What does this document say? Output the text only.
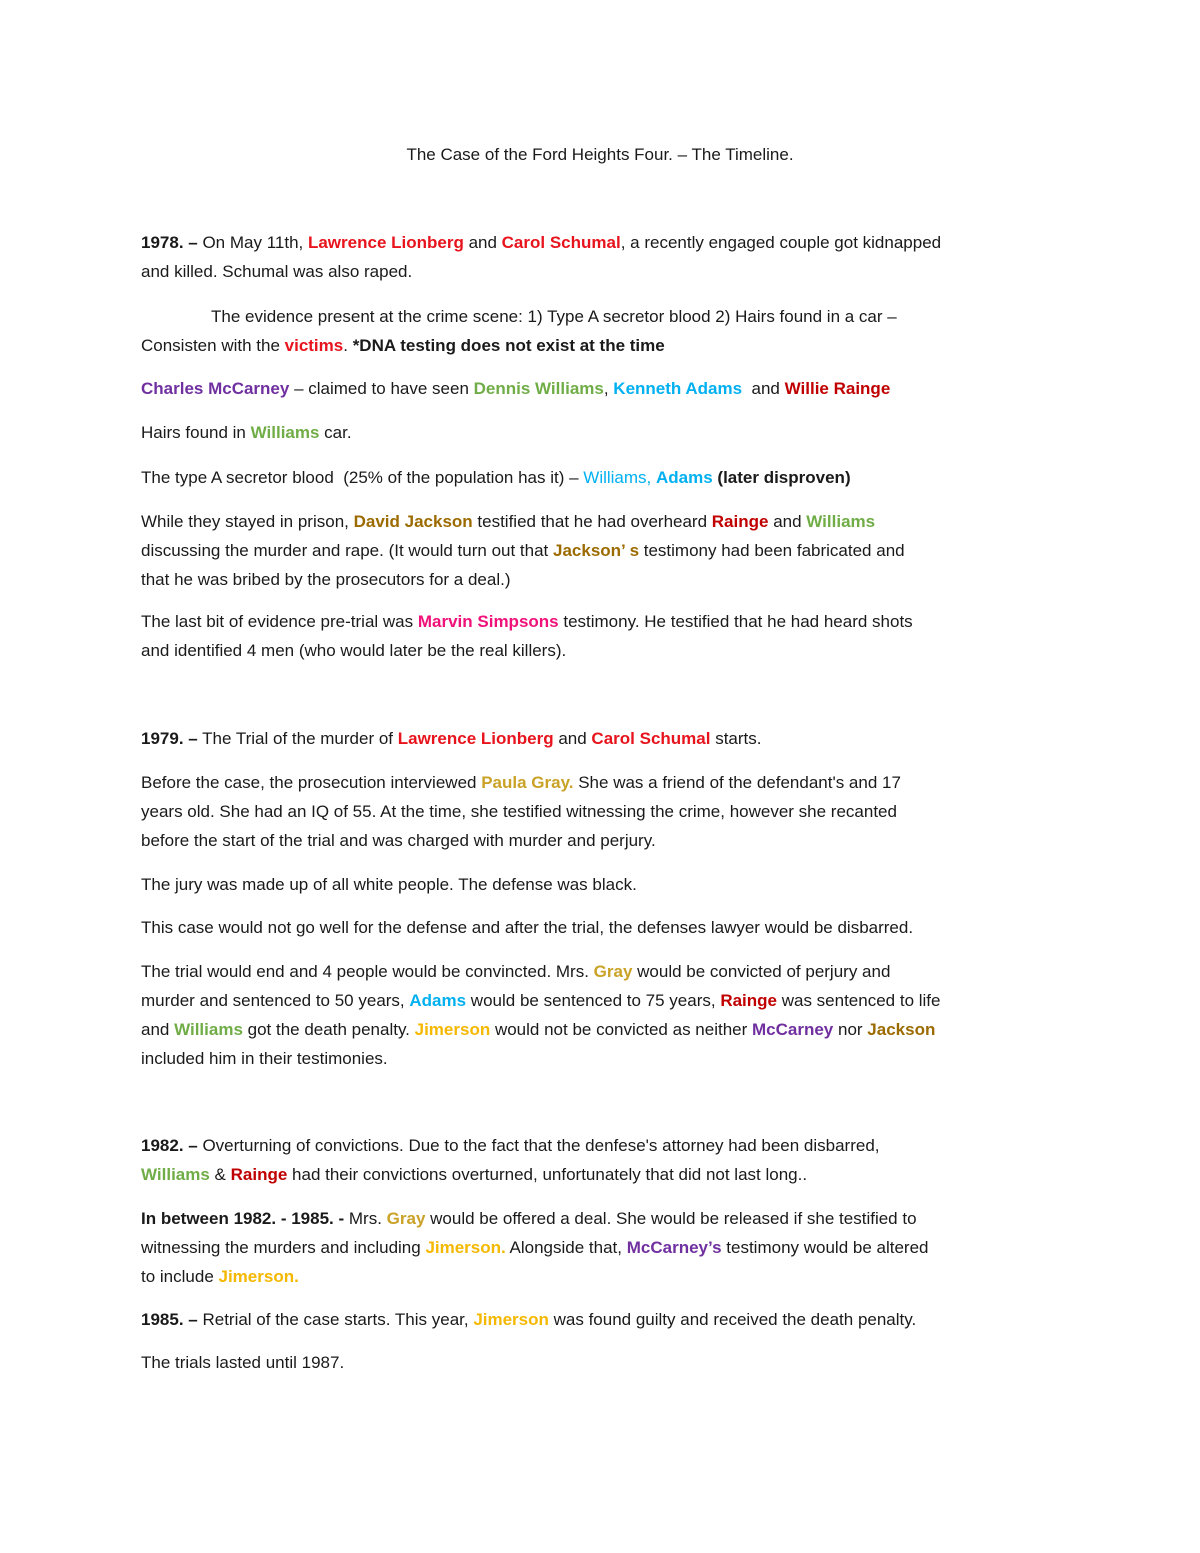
The Case of the Ford Heights Four. – The Timeline.
1978. – On May 11th, Lawrence Lionberg and Carol Schumal, a recently engaged couple got kidnapped
and killed. Schumal was also raped.
The evidence present at the crime scene: 1) Type A secretor blood 2) Hairs found in a car –
Consisten with the victims. *DNA testing does not exist at the time
Charles McCarney – claimed to have seen Dennis Williams, Kenneth Adams  and Willie Rainge
Hairs found in Williams car.
The type A secretor blood  (25% of the population has it) – Williams, Adams (later disproven)
While they stayed in prison, David Jackson testified that he had overheard Rainge and Williams
discussing the murder and rape. (It would turn out that Jackson’ s testimony had been fabricated and
that he was bribed by the prosecutors for a deal.)
The last bit of evidence pre-trial was Marvin Simpsons testimony. He testified that he had heard shots
and identified 4 men (who would later be the real killers).
1979. – The Trial of the murder of Lawrence Lionberg and Carol Schumal starts.
Before the case, the prosecution interviewed Paula Gray. She was a friend of the defendant's and 17
years old. She had an IQ of 55. At the time, she testified witnessing the crime, however she recanted
before the start of the trial and was charged with murder and perjury.
The jury was made up of all white people. The defense was black.
This case would not go well for the defense and after the trial, the defenses lawyer would be disbarred.
The trial would end and 4 people would be convincted. Mrs. Gray would be convicted of perjury and
murder and sentenced to 50 years, Adams would be sentenced to 75 years, Rainge was sentenced to life
and Williams got the death penalty. Jimerson would not be convicted as neither McCarney nor Jackson
included him in their testimonies.
1982. – Overturning of convictions. Due to the fact that the denfese's attorney had been disbarred,
Williams & Rainge had their convictions overturned, unfortunately that did not last long..
In between 1982. - 1985. - Mrs. Gray would be offered a deal. She would be released if she testified to
witnessing the murders and including Jimerson. Alongside that, McCarney’s testimony would be altered
to include Jimerson.
1985. – Retrial of the case starts. This year, Jimerson was found guilty and received the death penalty.
The trials lasted until 1987.
